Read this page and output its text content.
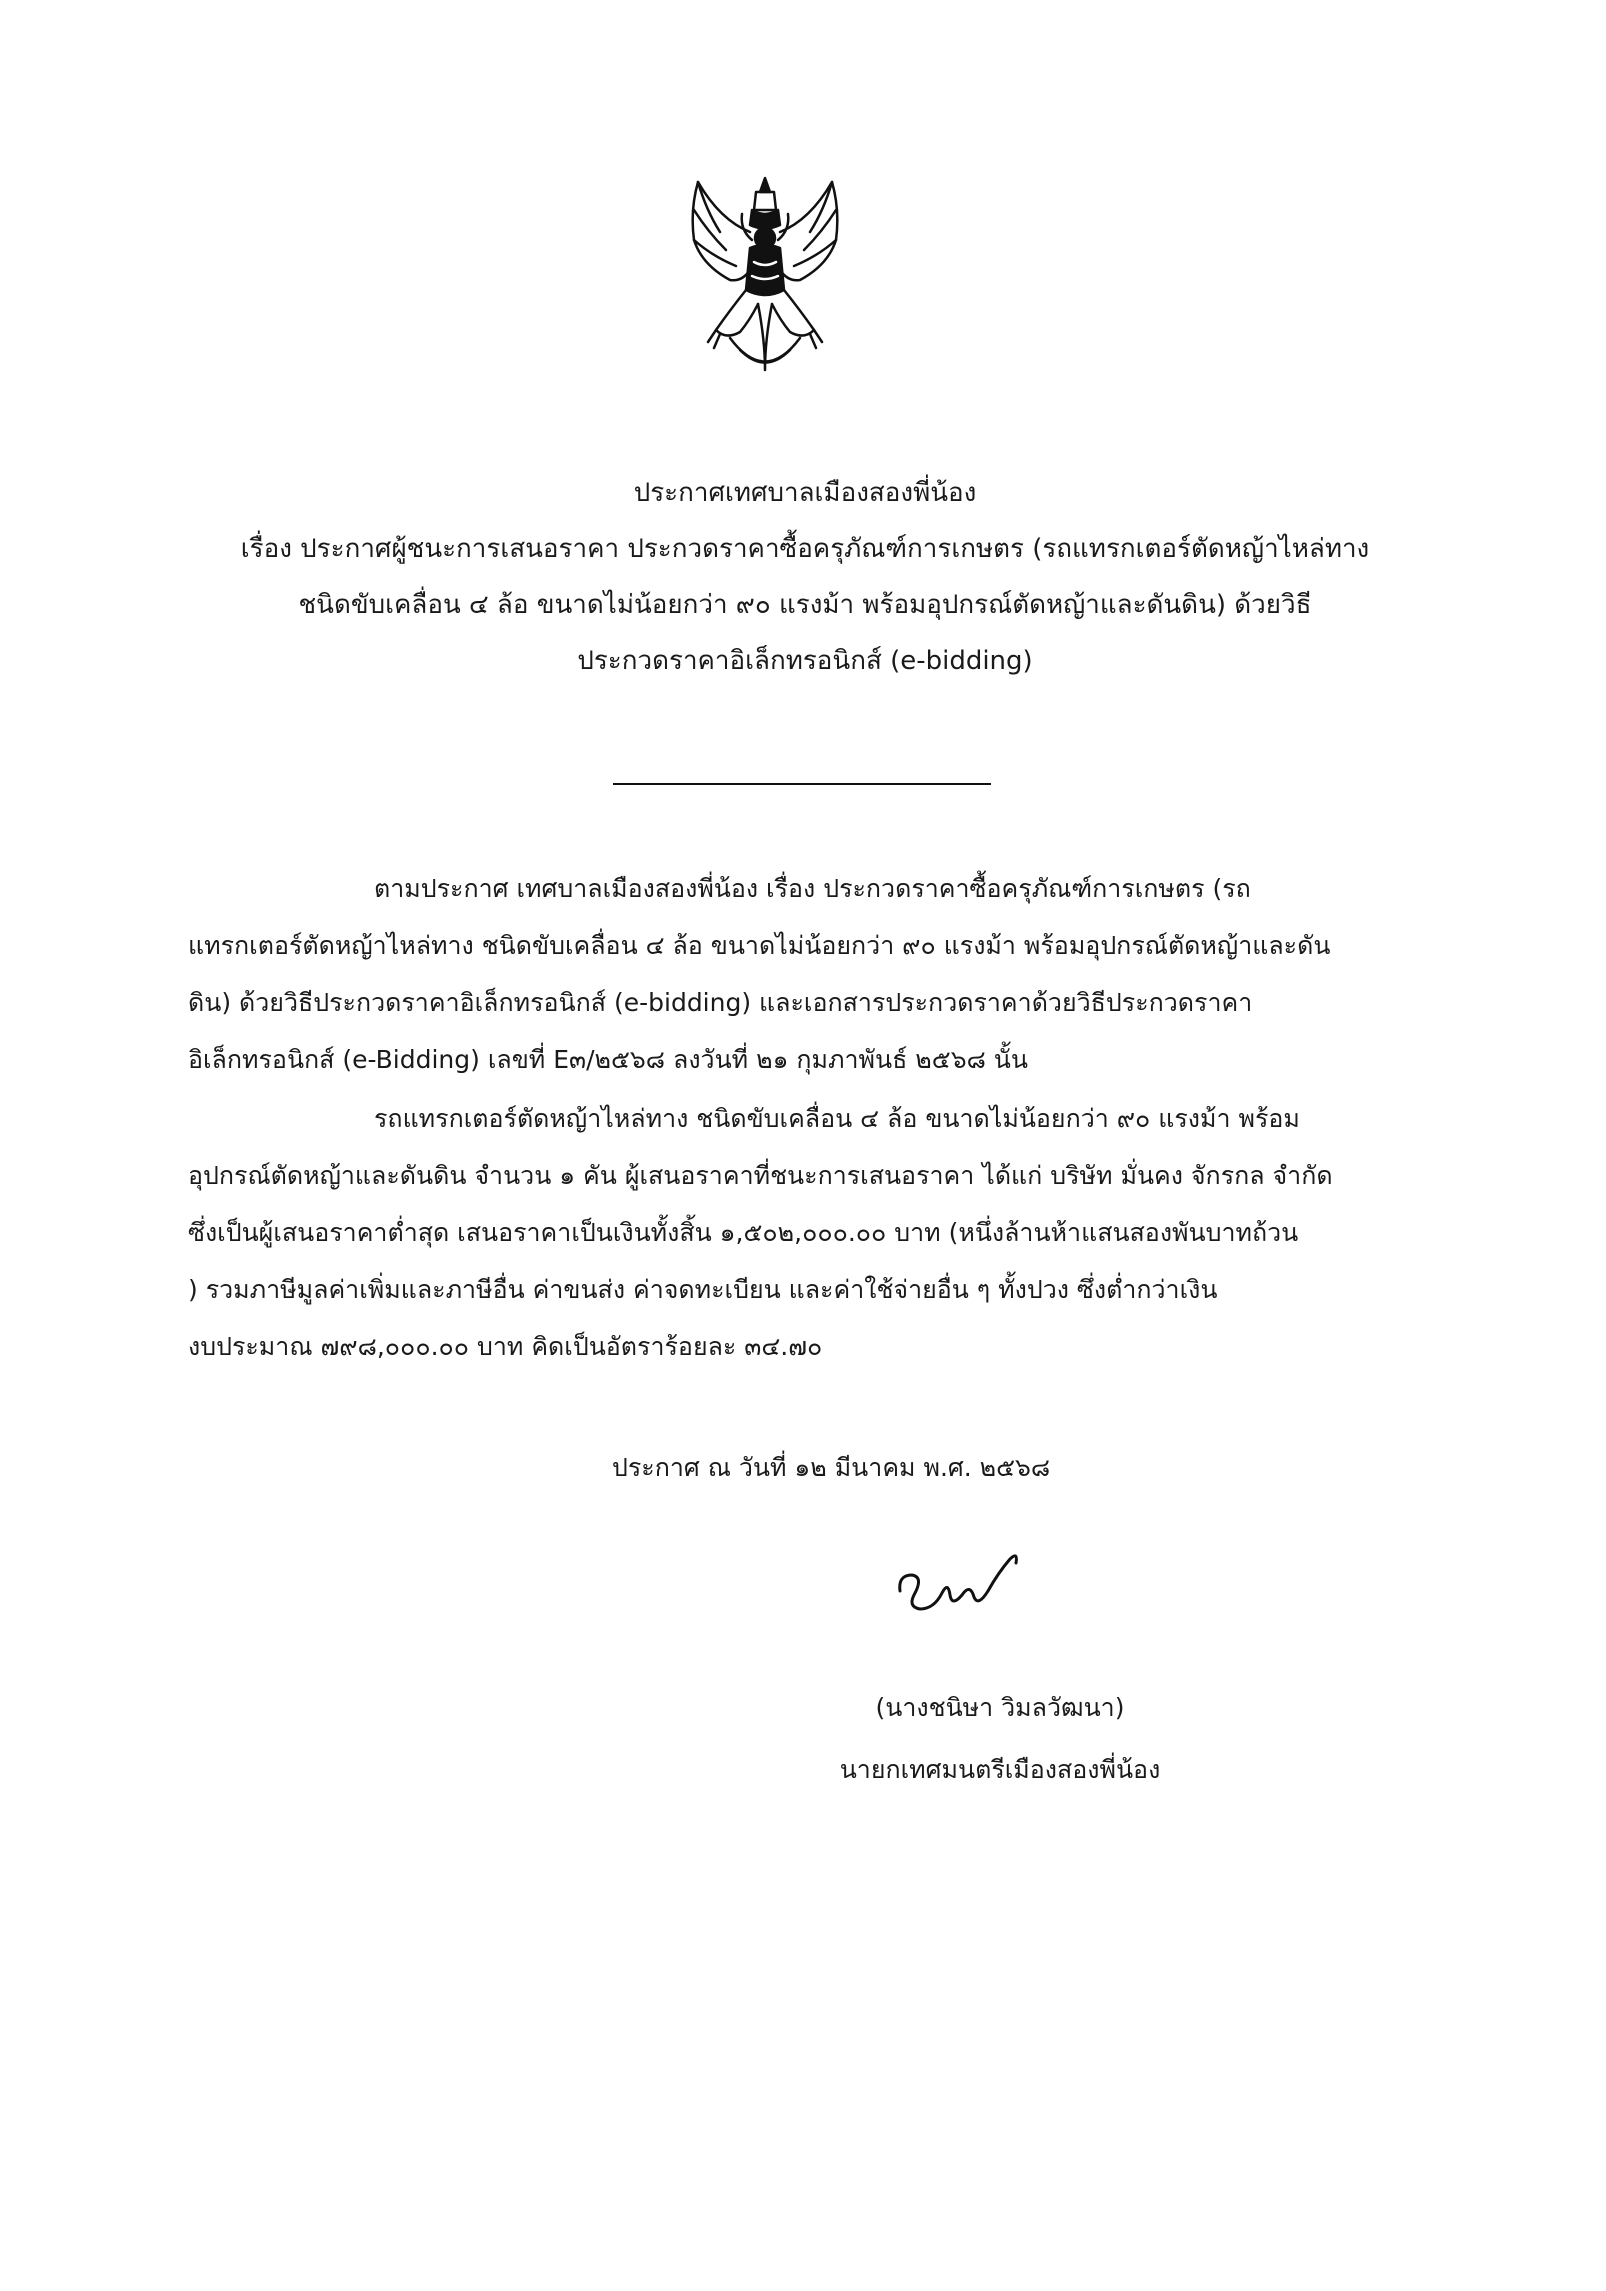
ประกาศเทศบาลเมืองสองพี่น้อง
เรื่อง ประกาศผู้ชนะการเสนอราคา ประกวดราคาซื้อครุภัณฑ์การเกษตร (รถแทรกเตอร์ตัดหญ้าไหล่ทาง
ชนิดขับเคลื่อน ๔ ล้อ ขนาดไม่น้อยกว่า ๙๐ แรงม้า พร้อมอุปกรณ์ตัดหญ้าและดันดิน) ด้วยวิธี
ประกวดราคาอิเล็กทรอนิกส์ (e-bidding)
ตามประกาศ เทศบาลเมืองสองพี่น้อง เรื่อง ประกวดราคาซื้อครุภัณฑ์การเกษตร (รถ
แทรกเตอร์ตัดหญ้าไหล่ทาง ชนิดขับเคลื่อน ๔ ล้อ ขนาดไม่น้อยกว่า ๙๐ แรงม้า พร้อมอุปกรณ์ตัดหญ้าและดัน
ดิน) ด้วยวิธีประกวดราคาอิเล็กทรอนิกส์ (e-bidding) และเอกสารประกวดราคาด้วยวิธีประกวดราคา
อิเล็กทรอนิกส์ (e-Bidding) เลขที่ E๓/๒๕๖๘ ลงวันที่ ๒๑ กุมภาพันธ์ ๒๕๖๘ นั้น
รถแทรกเตอร์ตัดหญ้าไหล่ทาง ชนิดขับเคลื่อน ๔ ล้อ ขนาดไม่น้อยกว่า ๙๐ แรงม้า พร้อม
อุปกรณ์ตัดหญ้าและดันดิน จำนวน ๑ คัน ผู้เสนอราคาที่ชนะการเสนอราคา ได้แก่ บริษัท มั่นคง จักรกล จำกัด
ซึ่งเป็นผู้เสนอราคาต่ำสุด เสนอราคาเป็นเงินทั้งสิ้น ๑,๕๐๒,๐๐๐.๐๐ บาท (หนึ่งล้านห้าแสนสองพันบาทถ้วน
) รวมภาษีมูลค่าเพิ่มและภาษีอื่น ค่าขนส่ง ค่าจดทะเบียน และค่าใช้จ่ายอื่น ๆ ทั้งปวง ซึ่งต่ำกว่าเงิน
งบประมาณ ๗๙๘,๐๐๐.๐๐ บาท คิดเป็นอัตราร้อยละ ๓๔.๗๐
ประกาศ ณ วันที่ ๑๒ มีนาคม พ.ศ. ๒๕๖๘
(นางชนิษา วิมลวัฒนา)
นายกเทศมนตรีเมืองสองพี่น้อง
